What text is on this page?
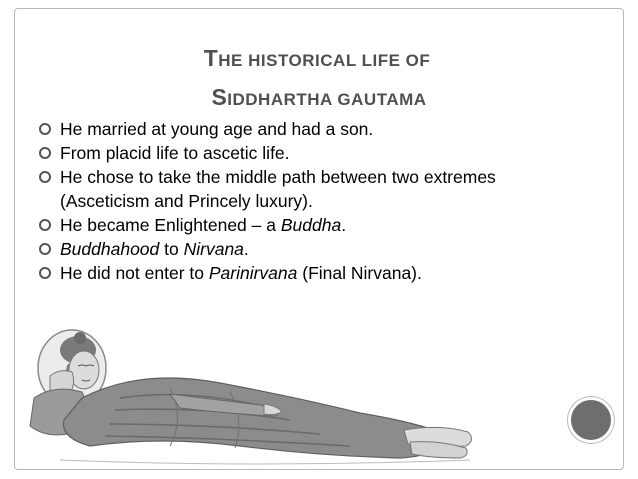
THE HISTORICAL LIFE OF
SIDDHARTHA GAUTAMA
He married at young age and had a son.
From placid life to ascetic life.
He chose to take the middle path between two extremes (Asceticism and Princely luxury).
He became Enlightened – a Buddha.
Buddhahood to Nirvana.
He did not enter to Parinirvana (Final Nirvana).
